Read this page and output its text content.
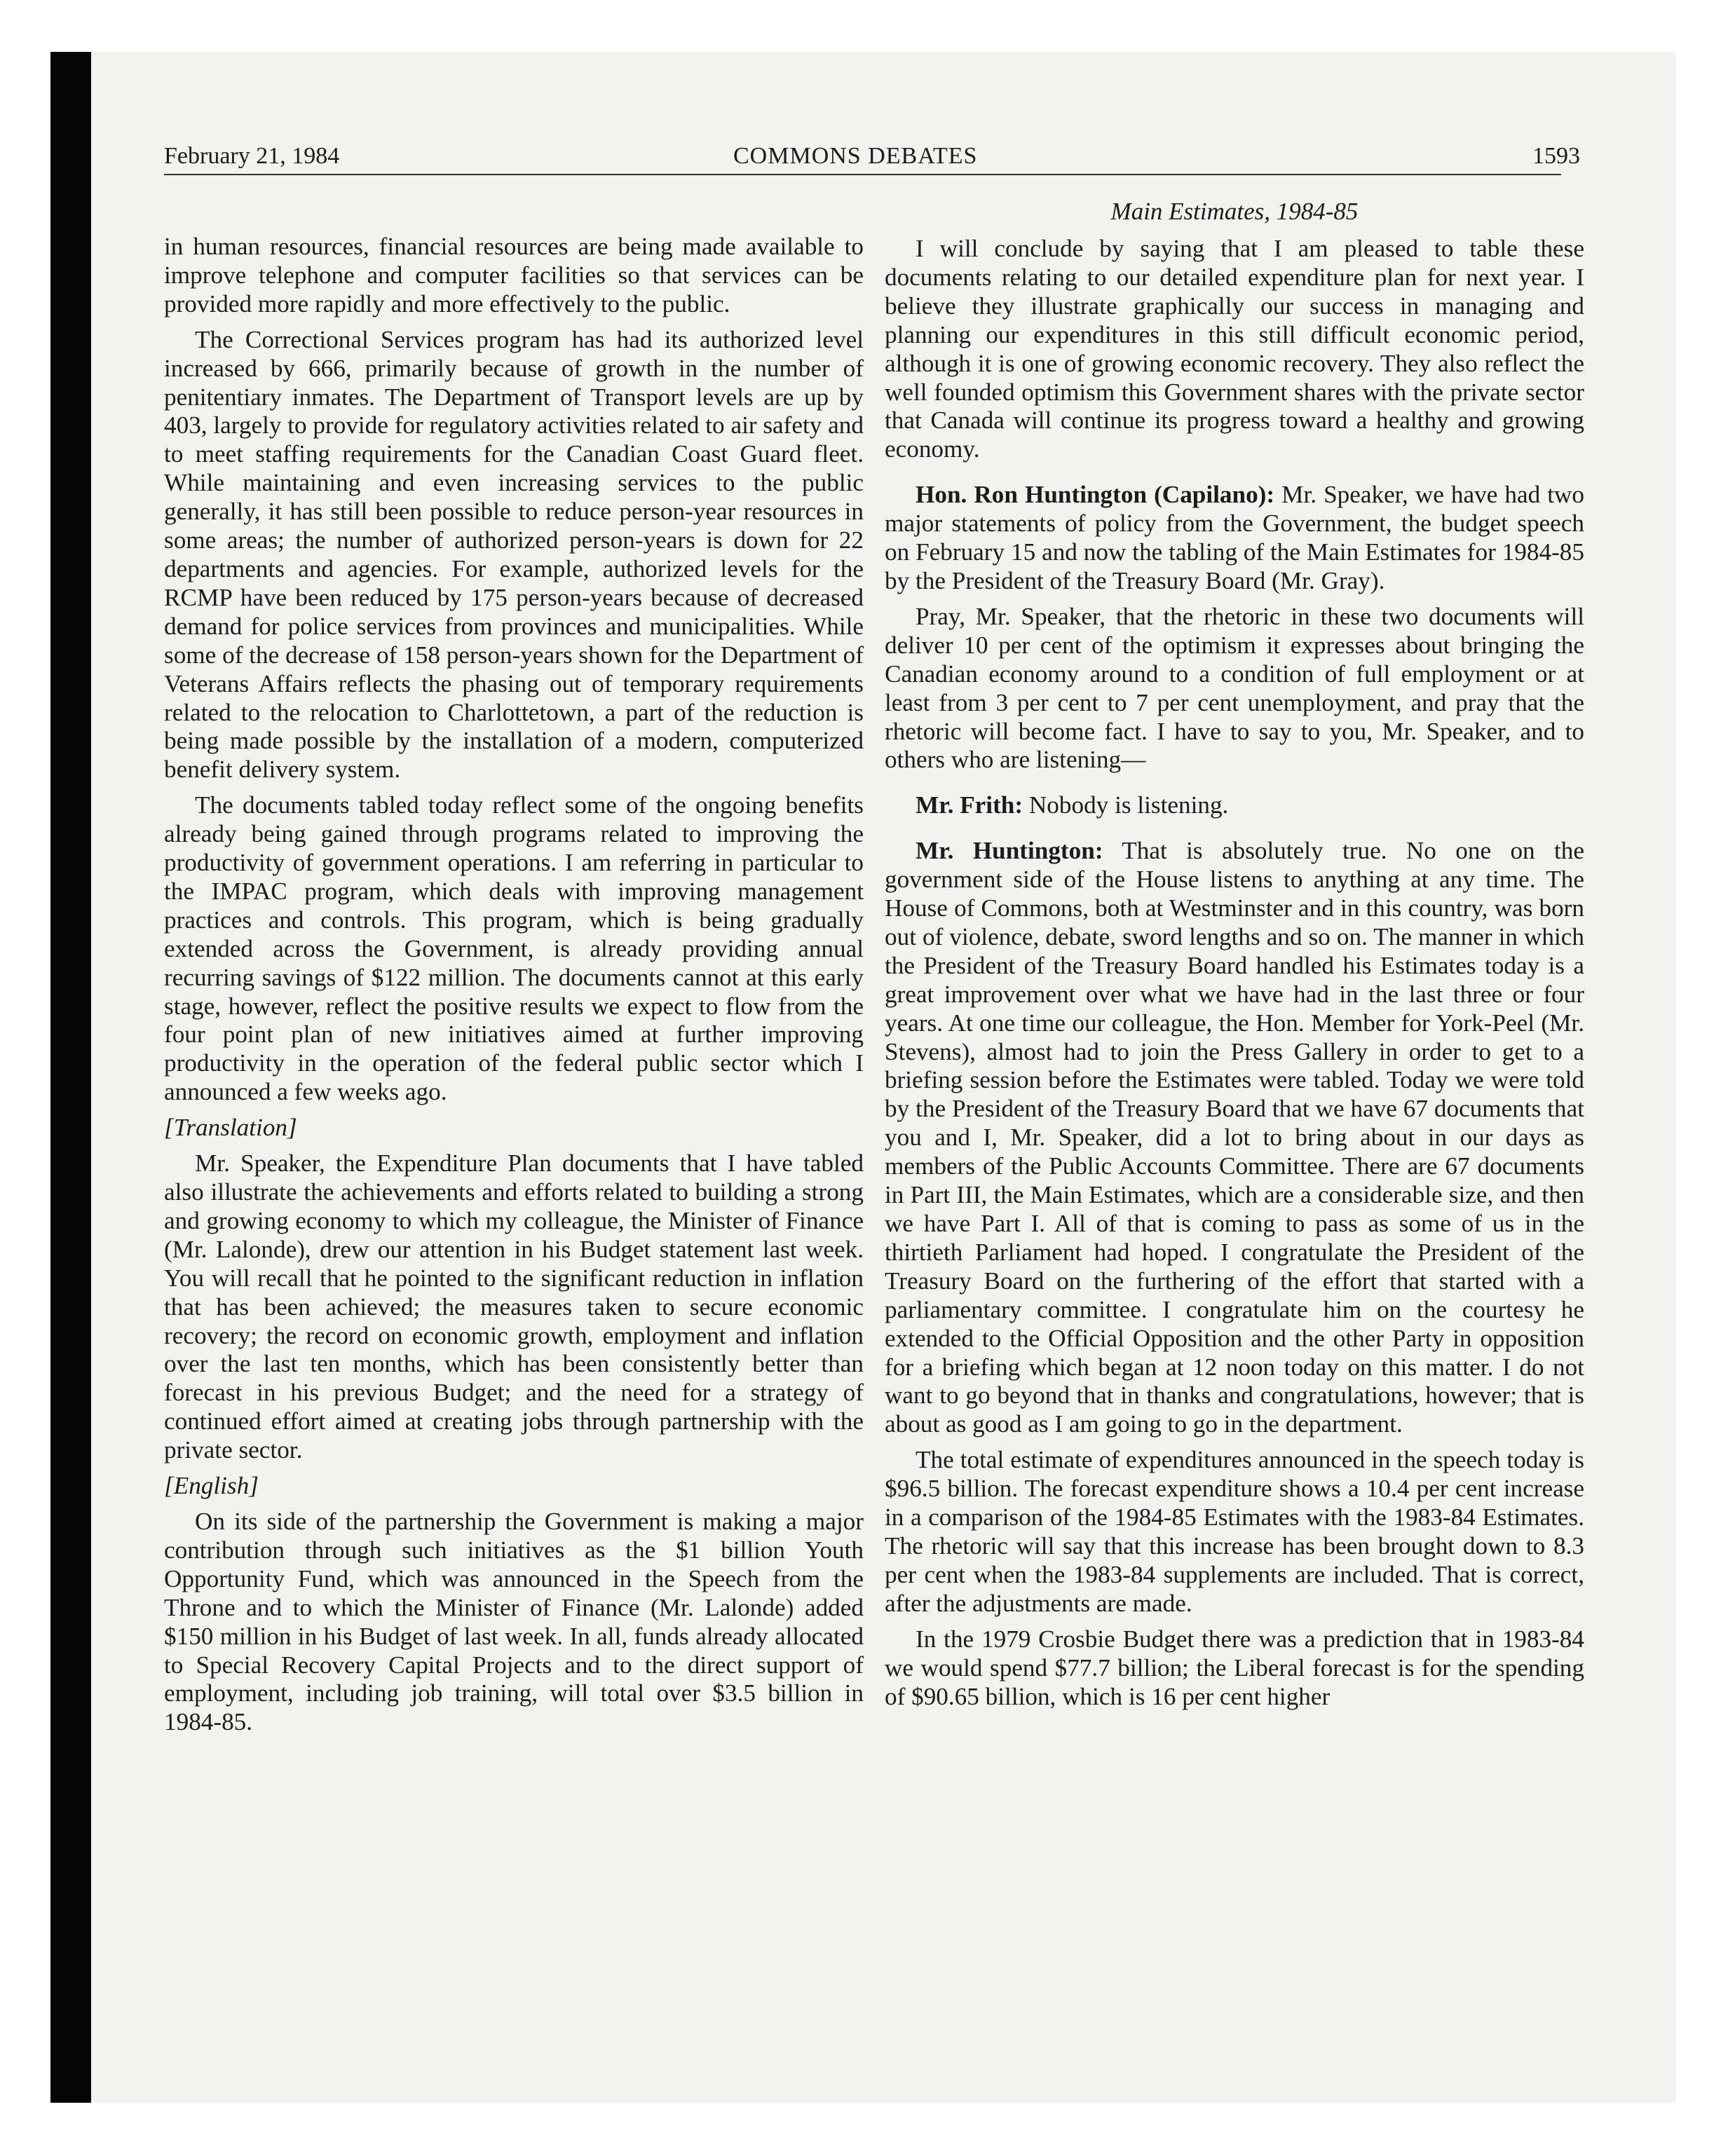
February 21, 1984	COMMONS DEBATES	1593
Main Estimates, 1984-85

in human resources, financial resources are being made available to improve telephone and computer facilities so that services can be provided more rapidly and more effectively to the public.

The Correctional Services program has had its authorized level increased by 666, primarily because of growth in the number of penitentiary inmates. The Department of Transport levels are up by 403, largely to provide for regulatory activities related to air safety and to meet staffing requirements for the Canadian Coast Guard fleet. While maintaining and even increasing services to the public generally, it has still been possible to reduce person-year resources in some areas; the number of authorized person-years is down for 22 departments and agencies. For example, authorized levels for the RCMP have been reduced by 175 person-years because of decreased demand for police services from provinces and municipalities. While some of the decrease of 158 person-years shown for the Department of Veterans Affairs reflects the phasing out of temporary requirements related to the relocation to Charlottetown, a part of the reduction is being made possible by the installation of a modern, computerized benefit delivery system.

The documents tabled today reflect some of the ongoing benefits already being gained through programs related to improving the productivity of government operations. I am referring in particular to the IMPAC program, which deals with improving management practices and controls. This program, which is being gradually extended across the Government, is already providing annual recurring savings of $122 million. The documents cannot at this early stage, however, reflect the positive results we expect to flow from the four point plan of new initiatives aimed at further improving productivity in the operation of the federal public sector which I announced a few weeks ago.

[Translation]

Mr. Speaker, the Expenditure Plan documents that I have tabled also illustrate the achievements and efforts related to building a strong and growing economy to which my colleague, the Minister of Finance (Mr. Lalonde), drew our attention in his Budget statement last week. You will recall that he pointed to the significant reduction in inflation that has been achieved; the measures taken to secure economic recovery; the record on economic growth, employment and inflation over the last ten months, which has been consistently better than forecast in his previous Budget; and the need for a strategy of continued effort aimed at creating jobs through partnership with the private sector.

[English]

On its side of the partnership the Government is making a major contribution through such initiatives as the $1 billion Youth Opportunity Fund, which was announced in the Speech from the Throne and to which the Minister of Finance (Mr. Lalonde) added $150 million in his Budget of last week. In all, funds already allocated to Special Recovery Capital Projects and to the direct support of employment, including job training, will total over $3.5 billion in 1984-85.

I will conclude by saying that I am pleased to table these documents relating to our detailed expenditure plan for next year. I believe they illustrate graphically our success in managing and planning our expenditures in this still difficult economic period, although it is one of growing economic recovery. They also reflect the well founded optimism this Government shares with the private sector that Canada will continue its progress toward a healthy and growing economy.

Hon. Ron Huntington (Capilano): Mr. Speaker, we have had two major statements of policy from the Government, the budget speech on February 15 and now the tabling of the Main Estimates for 1984-85 by the President of the Treasury Board (Mr. Gray).

Pray, Mr. Speaker, that the rhetoric in these two documents will deliver 10 per cent of the optimism it expresses about bringing the Canadian economy around to a condition of full employment or at least from 3 per cent to 7 per cent unemployment, and pray that the rhetoric will become fact. I have to say to you, Mr. Speaker, and to others who are listening—

Mr. Frith: Nobody is listening.

Mr. Huntington: That is absolutely true. No one on the government side of the House listens to anything at any time. The House of Commons, both at Westminster and in this country, was born out of violence, debate, sword lengths and so on. The manner in which the President of the Treasury Board handled his Estimates today is a great improvement over what we have had in the last three or four years. At one time our colleague, the Hon. Member for York-Peel (Mr. Stevens), almost had to join the Press Gallery in order to get to a briefing session before the Estimates were tabled. Today we were told by the President of the Treasury Board that we have 67 documents that you and I, Mr. Speaker, did a lot to bring about in our days as members of the Public Accounts Committee. There are 67 documents in Part III, the Main Estimates, which are a considerable size, and then we have Part I. All of that is coming to pass as some of us in the thirtieth Parliament had hoped. I congratulate the President of the Treasury Board on the furthering of the effort that started with a parliamentary committee. I congratulate him on the courtesy he extended to the Official Opposition and the other Party in opposition for a briefing which began at 12 noon today on this matter. I do not want to go beyond that in thanks and congratulations, however; that is about as good as I am going to go in the department.

The total estimate of expenditures announced in the speech today is $96.5 billion. The forecast expenditure shows a 10.4 per cent increase in a comparison of the 1984-85 Estimates with the 1983-84 Estimates. The rhetoric will say that this increase has been brought down to 8.3 per cent when the 1983-84 supplements are included. That is correct, after the adjustments are made.

In the 1979 Crosbie Budget there was a prediction that in 1983-84 we would spend $77.7 billion; the Liberal forecast is for the spending of $90.65 billion, which is 16 per cent higher
